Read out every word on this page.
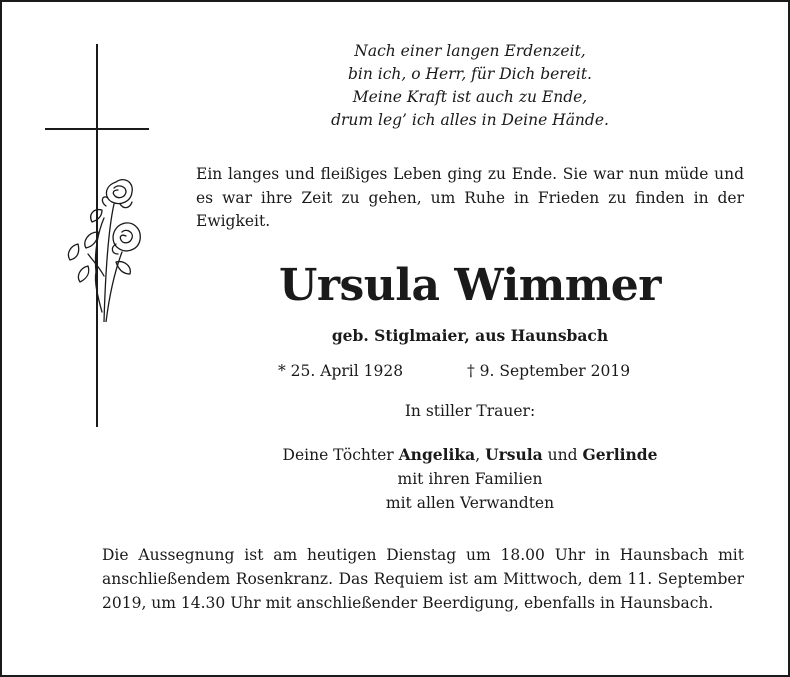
Nach einer langen Erdenzeit,
bin ich, o Herr, für Dich bereit.
Meine Kraft ist auch zu Ende,
drum leg’ ich alles in Deine Hände.
Ein langes und fleißiges Leben ging zu Ende. Sie war nun müde und es war ihre Zeit zu gehen, um Ruhe in Frieden zu finden in der Ewigkeit.
Ursula Wimmer
geb. Stiglmaier, aus Haunsbach
* 25. April 1928	† 9. September 2019
In stiller Trauer:
Deine Töchter Angelika, Ursula und Gerlinde
mit ihren Familien
mit allen Verwandten
Die Aussegnung ist am heutigen Dienstag um 18.00 Uhr in Haunsbach mit anschließendem Rosenkranz. Das Requiem ist am Mittwoch, dem 11. September 2019, um 14.30 Uhr mit anschließender Beerdigung, ebenfalls in Haunsbach.
